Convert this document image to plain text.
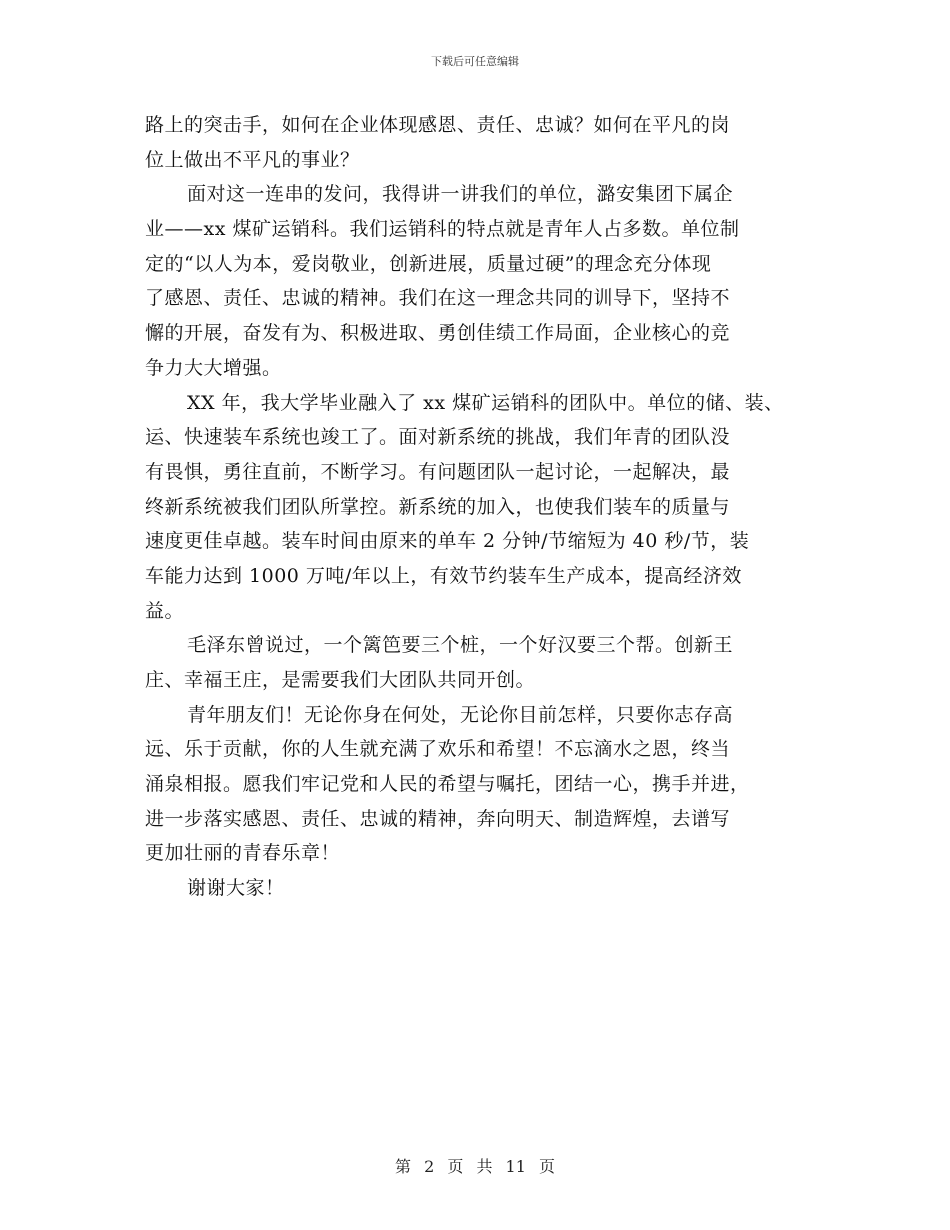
下载后可任意编辑
路上的突击手，如何在企业体现感恩、责任、忠诚？如何在平凡的岗
位上做出不平凡的事业？
面对这一连串的发问，我得讲一讲我们的单位，潞安集团下属企
业——xx 煤矿运销科。我们运销科的特点就是青年人占多数。单位制
定的“以人为本，爱岗敬业，创新进展，质量过硬”的理念充分体现
了感恩、责任、忠诚的精神。我们在这一理念共同的训导下，坚持不
懈的开展，奋发有为、积极进取、勇创佳绩工作局面，企业核心的竞
争力大大增强。
XX 年，我大学毕业融入了 xx 煤矿运销科的团队中。单位的储、装、
运、快速装车系统也竣工了。面对新系统的挑战，我们年青的团队没
有畏惧，勇往直前，不断学习。有问题团队一起讨论，一起解决，最
终新系统被我们团队所掌控。新系统的加入，也使我们装车的质量与
速度更佳卓越。装车时间由原来的单车 2 分钟/节缩短为 40 秒/节，装
车能力达到 1000 万吨/年以上，有效节约装车生产成本，提高经济效
益。
毛泽东曾说过，一个篱笆要三个桩，一个好汉要三个帮。创新王
庄、幸福王庄，是需要我们大团队共同开创。
青年朋友们！无论你身在何处，无论你目前怎样，只要你志存高
远、乐于贡献，你的人生就充满了欢乐和希望！不忘滴水之恩，终当
涌泉相报。愿我们牢记党和人民的希望与嘱托，团结一心，携手并进，
进一步落实感恩、责任、忠诚的精神，奔向明天、制造辉煌，去谱写
更加壮丽的青春乐章！
谢谢大家！
第 2 页 共 11 页
